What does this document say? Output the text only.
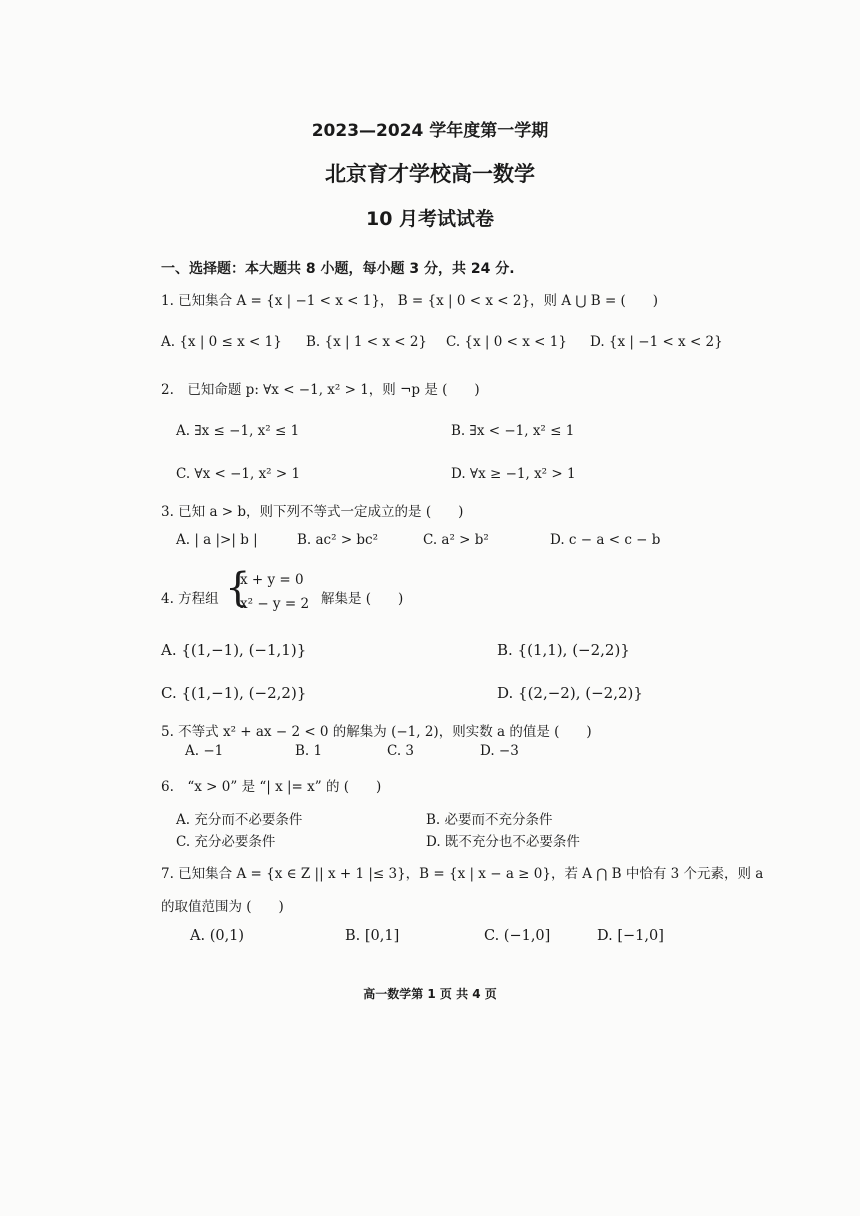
2023—2024 学年度第一学期
北京育才学校高一数学
10 月考试试卷
一、选择题：本大题共 8 小题，每小题 3 分，共 24 分.
1. 已知集合 A = {x | −1 < x < 1}， B = {x | 0 < x < 2}，则 A ⋃ B = (　　)
A. {x | 0 ≤ x < 1} B. {x | 1 < x < 2} C. {x | 0 < x < 1} D. {x | −1 < x < 2}
2.　已知命题 p: ∀x < −1, x² > 1，则 ¬p 是 (　　)
A. ∃x ≤ −1, x² ≤ 1	B. ∃x < −1, x² ≤ 1
C. ∀x < −1, x² > 1	D. ∀x ≥ −1, x² > 1
3. 已知 a > b，则下列不等式一定成立的是 (　　)
A. | a |>| b |	B. ac² > bc²	C. a² > b²	D. c − a < c − b
4. 方程组 {
x + y = 0
x² − y = 2 解集是 (　　)
A. {(1,−1), (−1,1)}	B. {(1,1), (−2,2)}
C. {(1,−1), (−2,2)}	D. {(2,−2), (−2,2)}
5. 不等式 x² + ax − 2 < 0 的解集为 (−1, 2)，则实数 a 的值是 (　　)
A. −1	B. 1	C. 3	D. −3
6.　“x > 0” 是 “| x |= x” 的 (　　)
A. 充分而不必要条件	B. 必要而不充分条件
C. 充分必要条件	D. 既不充分也不必要条件
7. 已知集合 A = {x ∈ Z || x + 1 |≤ 3}，B = {x | x − a ≥ 0}，若 A ⋂ B 中恰有 3 个元素，则 a
的取值范围为 (　　)
A. (0,1)	B. [0,1]	C. (−1,0]	D. [−1,0]
高一数学第 1 页 共 4 页
